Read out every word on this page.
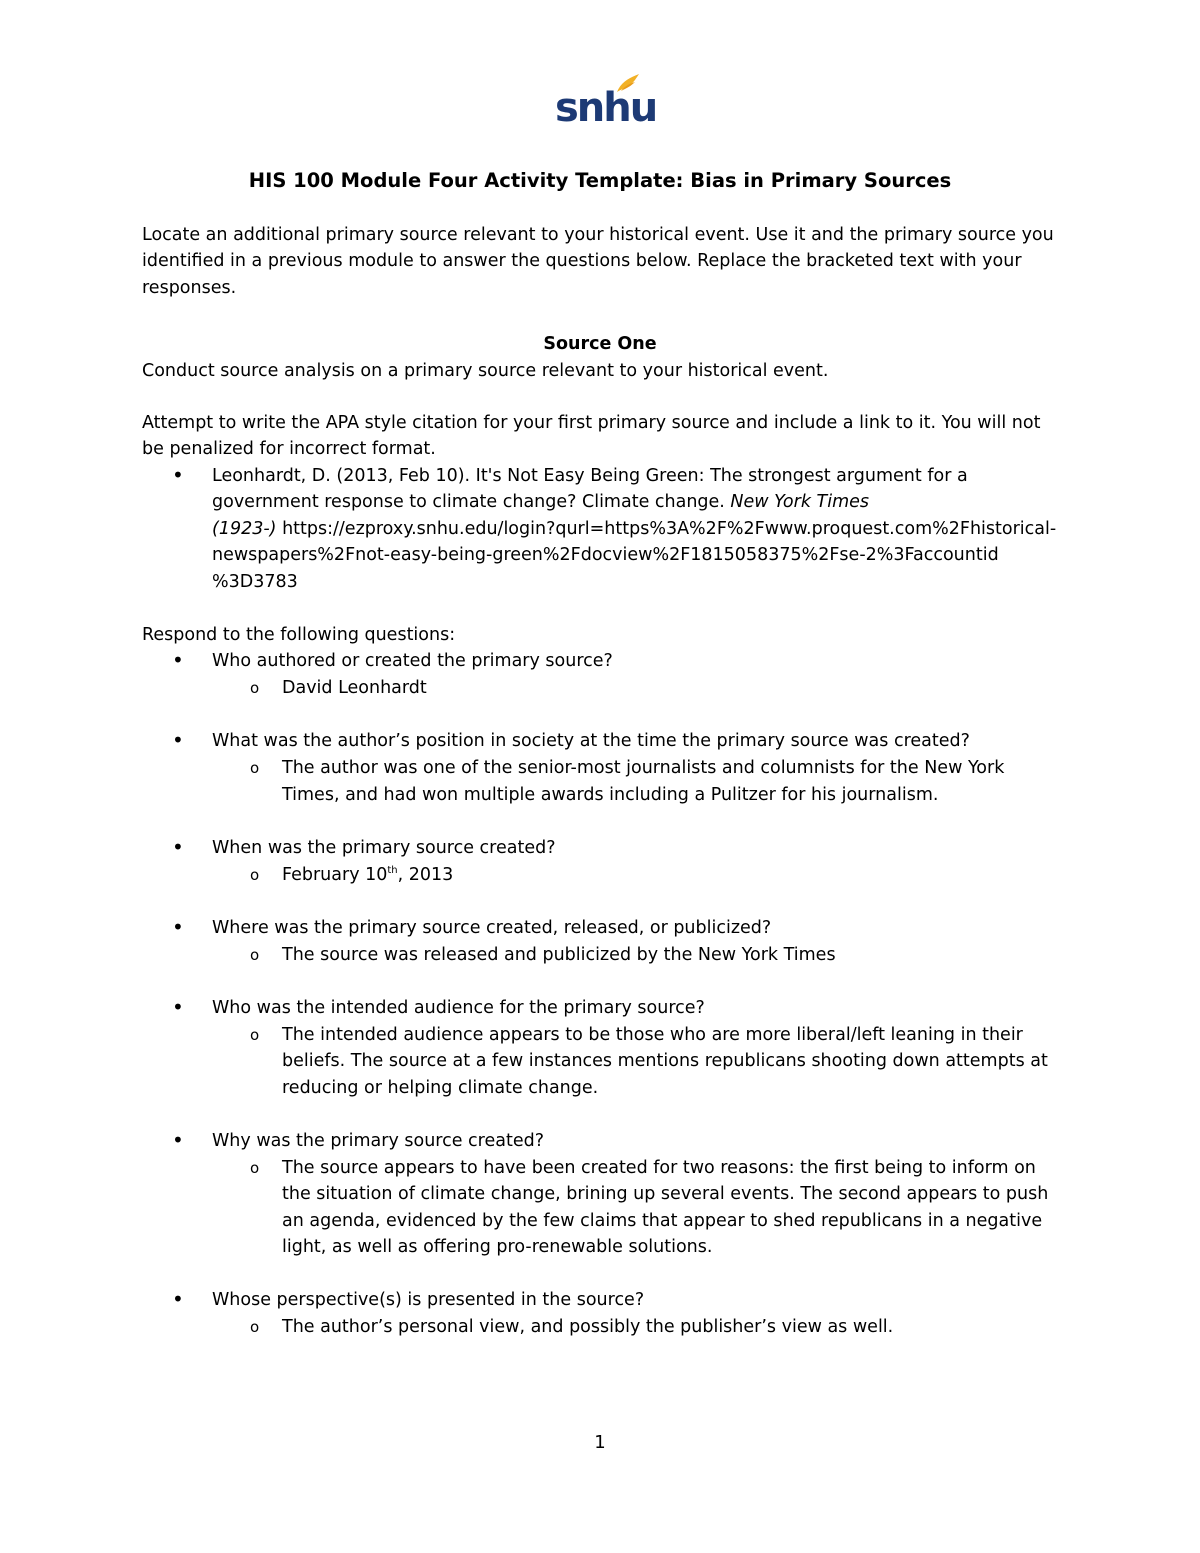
snhu
HIS 100 Module Four Activity Template: Bias in Primary Sources
Locate an additional primary source relevant to your historical event. Use it and the primary source you
identified in a previous module to answer the questions below. Replace the bracketed text with your
responses.
Source One
Conduct source analysis on a primary source relevant to your historical event.
Attempt to write the APA style citation for your first primary source and include a link to it. You will not
be penalized for incorrect format.
• Leonhardt, D. (2013, Feb 10). It's Not Easy Being Green: The strongest argument for a
government response to climate change? Climate change. New York Times
(1923-) https://ezproxy.snhu.edu/login?qurl=https%3A%2F%2Fwww.proquest.com%2Fhistorical-
newspapers%2Fnot-easy-being-green%2Fdocview%2F1815058375%2Fse-2%3Faccountid
%3D3783
Respond to the following questions:
• Who authored or created the primary source?
o David Leonhardt
• What was the author’s position in society at the time the primary source was created?
o The author was one of the senior-most journalists and columnists for the New York
Times, and had won multiple awards including a Pulitzer for his journalism.
• When was the primary source created?
o February 10th, 2013
• Where was the primary source created, released, or publicized?
o The source was released and publicized by the New York Times
• Who was the intended audience for the primary source?
o The intended audience appears to be those who are more liberal/left leaning in their
beliefs. The source at a few instances mentions republicans shooting down attempts at
reducing or helping climate change.
• Why was the primary source created?
o The source appears to have been created for two reasons: the first being to inform on
the situation of climate change, brining up several events. The second appears to push
an agenda, evidenced by the few claims that appear to shed republicans in a negative
light, as well as offering pro-renewable solutions.
• Whose perspective(s) is presented in the source?
o The author’s personal view, and possibly the publisher’s view as well.
1
